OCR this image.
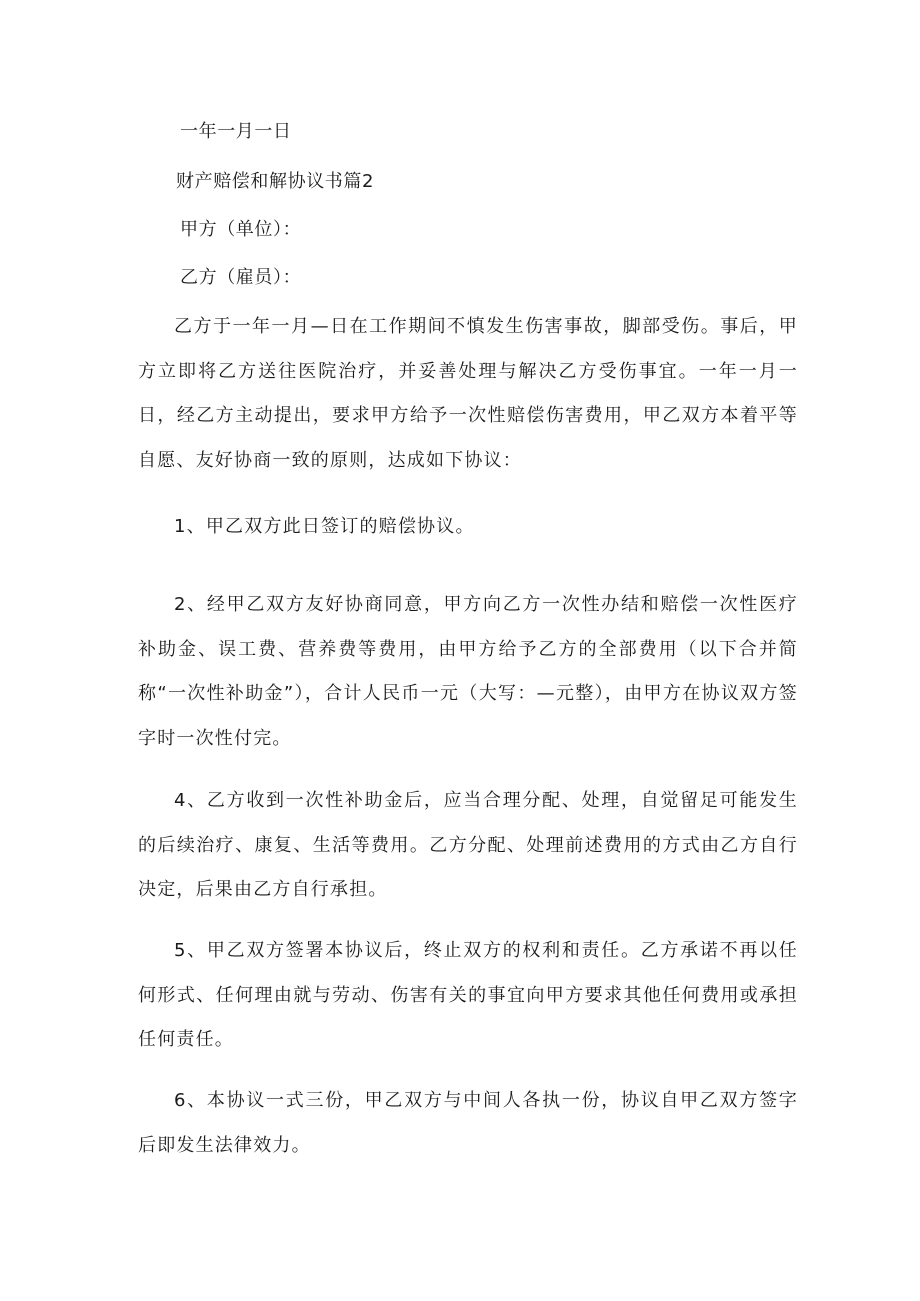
一年一月一日
财产赔偿和解协议书篇2
甲方（单位）：
乙方（雇员）：
乙方于一年一月—日在工作期间不慎发生伤害事故，脚部受伤。事后，甲方立即将乙方送往医院治疗，并妥善处理与解决乙方受伤事宜。一年一月一日，经乙方主动提出，要求甲方给予一次性赔偿伤害费用，甲乙双方本着平等自愿、友好协商一致的原则，达成如下协议：
1、甲乙双方此日签订的赔偿协议。
2、经甲乙双方友好协商同意，甲方向乙方一次性办结和赔偿一次性医疗补助金、误工费、营养费等费用，由甲方给予乙方的全部费用（以下合并简称“一次性补助金”），合计人民币一元（大写：—元整），由甲方在协议双方签字时一次性付完。
4、乙方收到一次性补助金后，应当合理分配、处理，自觉留足可能发生的后续治疗、康复、生活等费用。乙方分配、处理前述费用的方式由乙方自行决定，后果由乙方自行承担。
5、甲乙双方签署本协议后，终止双方的权利和责任。乙方承诺不再以任何形式、任何理由就与劳动、伤害有关的事宜向甲方要求其他任何费用或承担任何责任。
6、本协议一式三份，甲乙双方与中间人各执一份，协议自甲乙双方签字后即发生法律效力。
